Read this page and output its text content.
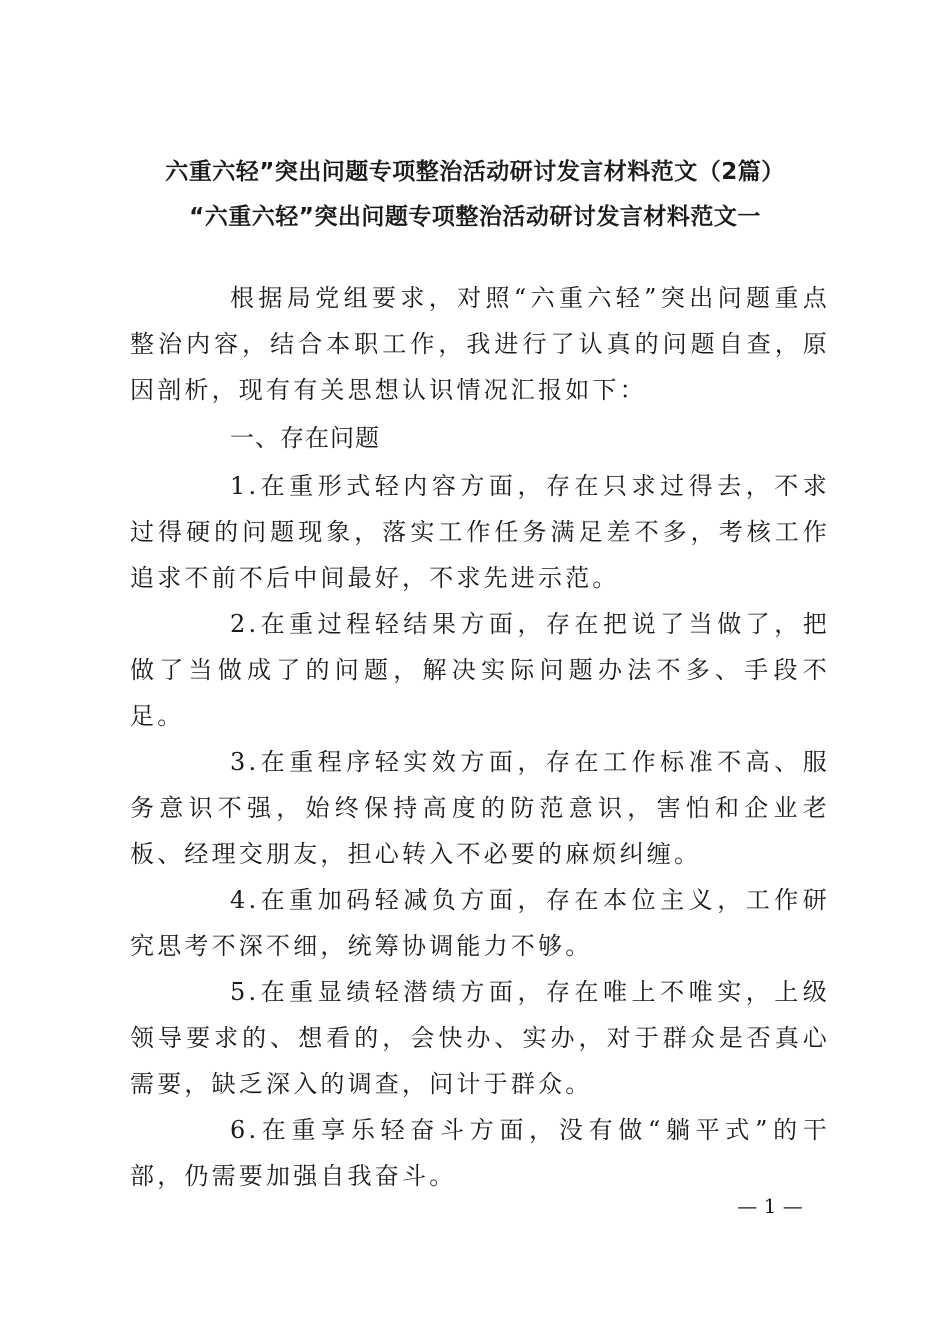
六重六轻”突出问题专项整治活动研讨发言材料范文（2篇）
“六重六轻”突出问题专项整治活动研讨发言材料范文一

根据局党组要求，对照“六重六轻”突出问题重点整治内容，结合本职工作，我进行了认真的问题自查，原因剖析，现有有关思想认识情况汇报如下：

一、存在问题

1.在重形式轻内容方面，存在只求过得去，不求过得硬的问题现象，落实工作任务满足差不多，考核工作追求不前不后中间最好，不求先进示范。

2.在重过程轻结果方面，存在把说了当做了，把做了当做成了的问题，解决实际问题办法不多、手段不足。

3.在重程序轻实效方面，存在工作标准不高、服务意识不强，始终保持高度的防范意识，害怕和企业老板、经理交朋友，担心转入不必要的麻烦纠缠。

4.在重加码轻减负方面，存在本位主义，工作研究思考不深不细，统筹协调能力不够。

5.在重显绩轻潜绩方面，存在唯上不唯实，上级领导要求的、想看的，会快办、实办，对于群众是否真心需要，缺乏深入的调查，问计于群众。

6.在重享乐轻奋斗方面，没有做“躺平式”的干部，仍需要加强自我奋斗。

— 1 —
